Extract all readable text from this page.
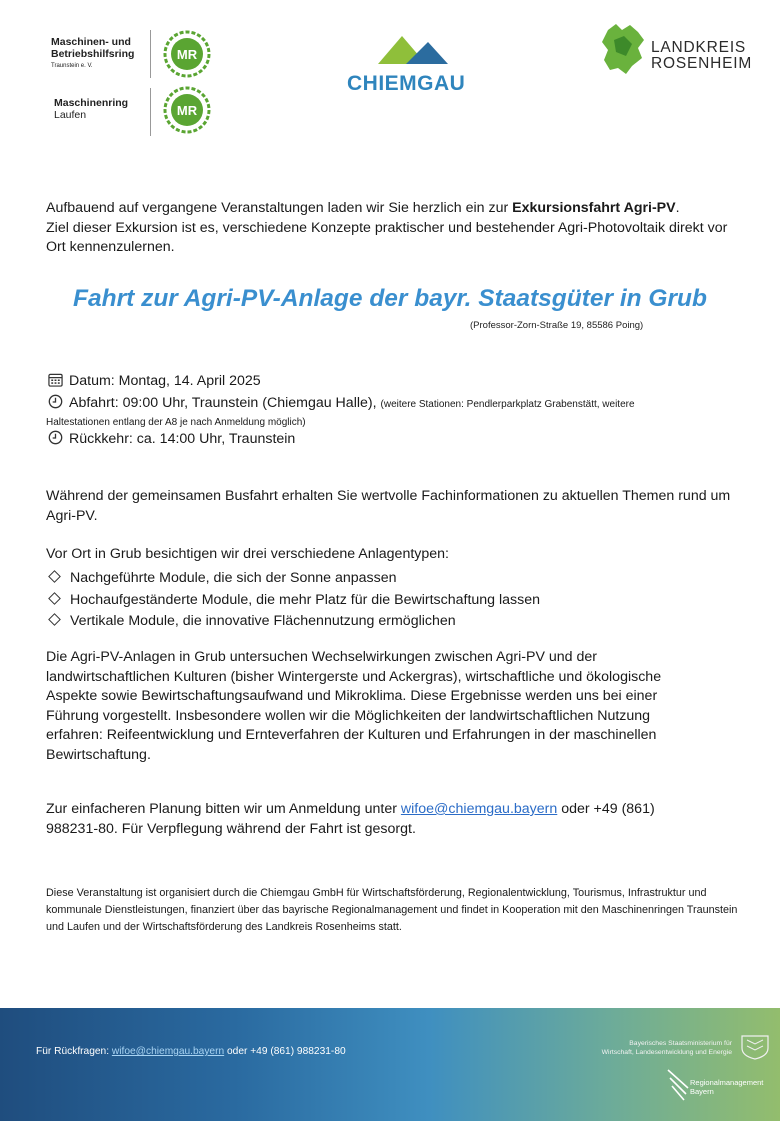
Maschinen- und
Betriebshilfsring
Traunstein e. V.
MR
Maschinenring
Laufen	MR
CHIEMGAU
LANDKREIS
ROSENHEIM
Aufbauend auf vergangene Veranstaltungen laden wir Sie herzlich ein zur Exkursionsfahrt Agri-PV.
Ziel dieser Exkursion ist es, verschiedene Konzepte praktischer und bestehender Agri-Photovoltaik direkt vor Ort kennenzulernen.
Fahrt zur Agri-PV-Anlage der bayr. Staatsgüter in Grub
(Professor-Zorn-Straße 19, 85586 Poing)
Datum: Montag, 14. April 2025
Abfahrt: 09:00 Uhr, Traunstein (Chiemgau Halle), (weitere Stationen: Pendlerparkplatz Grabenstätt, weitere
Haltestationen entlang der A8 je nach Anmeldung möglich)
Rückkehr: ca. 14:00 Uhr, Traunstein
Während der gemeinsamen Busfahrt erhalten Sie wertvolle Fachinformationen zu aktuellen Themen rund um Agri-PV.
Vor Ort in Grub besichtigen wir drei verschiedene Anlagentypen:
Nachgeführte Module, die sich der Sonne anpassen
Hochaufgeständerte Module, die mehr Platz für die Bewirtschaftung lassen
Vertikale Module, die innovative Flächennutzung ermöglichen
Die Agri-PV-Anlagen in Grub untersuchen Wechselwirkungen zwischen Agri-PV und der landwirtschaftlichen Kulturen (bisher Wintergerste und Ackergras), wirtschaftliche und ökologische Aspekte sowie Bewirtschaftungsaufwand und Mikroklima. Diese Ergebnisse werden uns bei einer Führung vorgestellt. Insbesondere wollen wir die Möglichkeiten der landwirtschaftlichen Nutzung erfahren: Reifeentwicklung und Ernteverfahren der Kulturen und Erfahrungen in der maschinellen Bewirtschaftung.
Zur einfacheren Planung bitten wir um Anmeldung unter wifoe@chiemgau.bayern oder +49 (861) 988231-80. Für Verpflegung während der Fahrt ist gesorgt.
Diese Veranstaltung ist organisiert durch die Chiemgau GmbH für Wirtschaftsförderung, Regionalentwicklung, Tourismus, Infrastruktur und kommunale Dienstleistungen, finanziert über das bayrische Regionalmanagement und findet in Kooperation mit den Maschinenringen Traunstein und Laufen und der Wirtschaftsförderung des Landkreis Rosenheims statt.
Für Rückfragen: wifoe@chiemgau.bayern oder +49 (861) 988231-80
Bayerisches Staatsministerium für
Wirtschaft, Landesentwicklung und Energie
Regionalmanagement
Bayern
